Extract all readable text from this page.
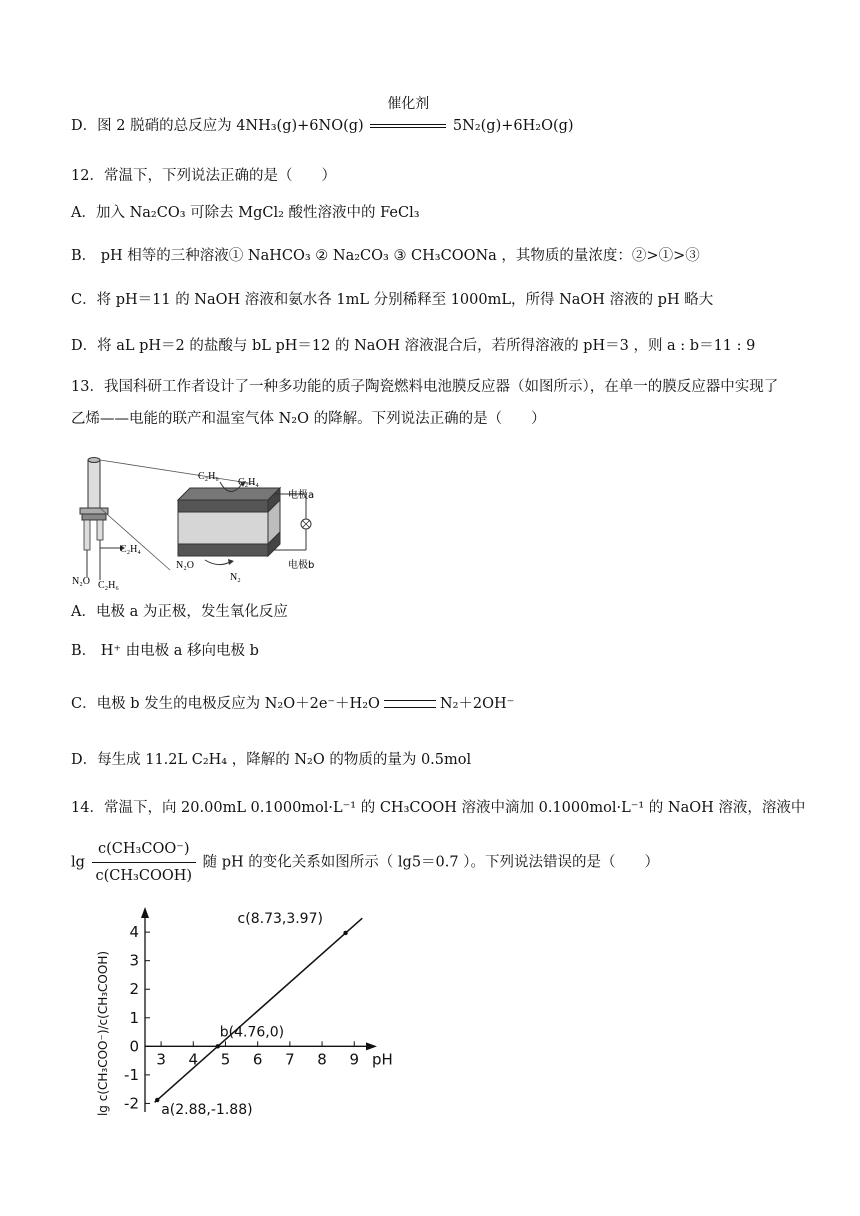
D．图 2 脱硝的总反应为 4NH₃(g)+6NO(g)
催化剂
5N₂(g)+6H₂O(g)
12．常温下，下列说法正确的是（　　）
A．加入 Na₂CO₃ 可除去 MgCl₂ 酸性溶液中的 FeCl₃
B． pH 相等的三种溶液① NaHCO₃ ② Na₂CO₃ ③ CH₃COONa ，其物质的量浓度：②>①>③
C．将 pH＝11 的 NaOH 溶液和氨水各 1mL 分别稀释至 1000mL，所得 NaOH 溶液的 pH 略大
D．将 aL pH＝2 的盐酸与 bL pH＝12 的 NaOH 溶液混合后，若所得溶液的 pH＝3 ，则 a : b＝11 : 9
13．我国科研工作者设计了一种多功能的质子陶瓷燃料电池膜反应器（如图所示），在单一的膜反应器中实现了乙烯——电能的联产和温室气体 N₂O 的降解。下列说法正确的是（　　）
C₂H₆
C₂H₄
电极a
电极b
N₂O
N₂
C₂H₄
N₂O C₂H₆
A．电极 a 为正极，发生氧化反应
B． H⁺ 由电极 a 移向电极 b
C．电极 b 发生的电极反应为 N₂O＋2e⁻＋H₂O	N₂＋2OH⁻
D．每生成 11.2L C₂H₄ ，降解的 N₂O 的物质的量为 0.5mol
14．常温下，向 20.00mL 0.1000mol·L⁻¹ 的 CH₃COOH 溶液中滴加 0.1000mol·L⁻¹ 的 NaOH 溶液，溶液中
$\lg \frac{\text{c(CH₃COO⁻)}}{\text{c(CH₃COOH)}}$ 随 pH 的变化关系如图所示（ lg5＝0.7 ）。下列说法错误的是（　　）
3 4 5 6 7 8 9
4
3
2
1
0
-1
-2
pH
lg c(CH₃COO⁻)/c(CH₃COOH)	a(2.88,-1.88)
b(4.76,0)
c(8.73,3.97)
